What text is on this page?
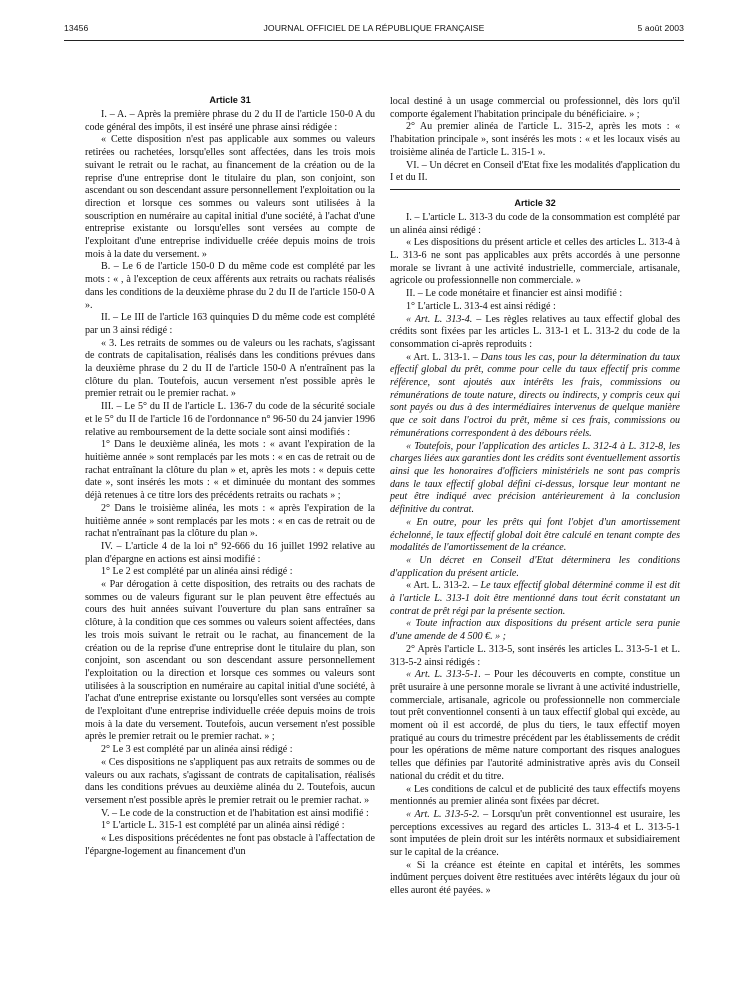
13456	JOURNAL OFFICIEL DE LA RÉPUBLIQUE FRANÇAISE	5 août 2003
Article 31

I. – A. – Après la première phrase du 2 du II de l'article 150-0 A du code général des impôts, il est inséré une phrase ainsi rédigée :

« Cette disposition n'est pas applicable aux sommes ou valeurs retirées ou rachetées, lorsqu'elles sont affectées, dans les trois mois suivant le retrait ou le rachat, au financement de la création ou de la reprise d'une entreprise dont le titulaire du plan, son conjoint, son ascendant ou son descendant assure personnellement l'exploitation ou la direction et lorsque ces sommes ou valeurs sont utilisées à la souscription en numéraire au capital initial d'une société, à l'achat d'une entreprise existante ou lorsqu'elles sont versées au compte de l'exploitant d'une entreprise individuelle créée depuis moins de trois mois à la date du versement. »

B. – Le 6 de l'article 150-0 D du même code est complété par les mots : « , à l'exception de ceux afférents aux retraits ou rachats réalisés dans les conditions de la deuxième phrase du 2 du II de l'article 150-0 A ».

II. – Le III de l'article 163 quinquies D du même code est complété par un 3 ainsi rédigé :

« 3. Les retraits de sommes ou de valeurs ou les rachats, s'agissant de contrats de capitalisation, réalisés dans les conditions prévues dans la deuxième phrase du 2 du II de l'article 150-0 A n'entraînent pas la clôture du plan. Toutefois, aucun versement n'est possible après le premier retrait ou le premier rachat. »

III. – Le 5° du II de l'article L. 136-7 du code de la sécurité sociale et le 5° du II de l'article 16 de l'ordonnance n° 96-50 du 24 janvier 1996 relative au remboursement de la dette sociale sont ainsi modifiés :

1° Dans le deuxième alinéa, les mots : « avant l'expiration de la huitième année » sont remplacés par les mots : « en cas de retrait ou de rachat entraînant la clôture du plan » et, après les mots : « depuis cette date », sont insérés les mots : « et diminuée du montant des sommes déjà retenues à ce titre lors des précédents retraits ou rachats » ;

2° Dans le troisième alinéa, les mots : « après l'expiration de la huitième année » sont remplacés par les mots : « en cas de retrait ou de rachat n'entraînant pas la clôture du plan ».

IV. – L'article 4 de la loi n° 92-666 du 16 juillet 1992 relative au plan d'épargne en actions est ainsi modifié :

1° Le 2 est complété par un alinéa ainsi rédigé :

« Par dérogation à cette disposition, des retraits ou des rachats de sommes ou de valeurs figurant sur le plan peuvent être effectués au cours des huit années suivant l'ouverture du plan sans entraîner sa clôture, à la condition que ces sommes ou valeurs soient affectées, dans les trois mois suivant le retrait ou le rachat, au financement de la création ou de la reprise d'une entreprise dont le titulaire du plan, son conjoint, son ascendant ou son descendant assure personnellement l'exploitation ou la direction et lorsque ces sommes ou valeurs sont utilisées à la souscription en numéraire au capital initial d'une société, à l'achat d'une entreprise existante ou lorsqu'elles sont versées au compte de l'exploitant d'une entreprise individuelle créée depuis moins de trois mois à la date du versement. Toutefois, aucun versement n'est possible après le premier retrait ou le premier rachat. » ;

2° Le 3 est complété par un alinéa ainsi rédigé :

« Ces dispositions ne s'appliquent pas aux retraits de sommes ou de valeurs ou aux rachats, s'agissant de contrats de capitalisation, réalisés dans les conditions prévues au deuxième alinéa du 2. Toutefois, aucun versement n'est possible après le premier retrait ou le premier rachat. »

V. – Le code de la construction et de l'habitation est ainsi modifié :

1° L'article L. 315-1 est complété par un alinéa ainsi rédigé :

« Les dispositions précédentes ne font pas obstacle à l'affectation de l'épargne-logement au financement d'un

local destiné à un usage commercial ou professionnel, dès lors qu'il comporte également l'habitation principale du bénéficiaire. » ;

2° Au premier alinéa de l'article L. 315-2, après les mots : « l'habitation principale », sont insérés les mots : « et les locaux visés au troisième alinéa de l'article L. 315-1 ».

VI. – Un décret en Conseil d'Etat fixe les modalités d'application du I et du II.

Article 32

I. – L'article L. 313-3 du code de la consommation est complété par un alinéa ainsi rédigé :

« Les dispositions du présent article et celles des articles L. 313-4 à L. 313-6 ne sont pas applicables aux prêts accordés à une personne morale se livrant à une activité industrielle, commerciale, artisanale, agricole ou professionnelle non commerciale. »

II. – Le code monétaire et financier est ainsi modifié :

1° L'article L. 313-4 est ainsi rédigé :

« Art. L. 313-4. – Les règles relatives au taux effectif global des crédits sont fixées par les articles L. 313-1 et L. 313-2 du code de la consommation ci-après reproduits :

« Art. L. 313-1. – Dans tous les cas, pour la détermination du taux effectif global du prêt, comme pour celle du taux effectif pris comme référence, sont ajoutés aux intérêts les frais, commissions ou rémunérations de toute nature, directs ou indirects, y compris ceux qui sont payés ou dus à des intermédiaires intervenus de quelque manière que ce soit dans l'octroi du prêt, même si ces frais, commissions ou rémunérations correspondent à des débours réels.

« Toutefois, pour l'application des articles L. 312-4 à L. 312-8, les charges liées aux garanties dont les crédits sont éventuellement assortis ainsi que les honoraires d'officiers ministériels ne sont pas compris dans le taux effectif global défini ci-dessus, lorsque leur montant ne peut être indiqué avec précision antérieurement à la conclusion définitive du contrat.

« En outre, pour les prêts qui font l'objet d'un amortissement échelonné, le taux effectif global doit être calculé en tenant compte des modalités de l'amortissement de la créance.

« Un décret en Conseil d'Etat déterminera les conditions d'application du présent article.

« Art. L. 313-2. – Le taux effectif global déterminé comme il est dit à l'article L. 313-1 doit être mentionné dans tout écrit constatant un contrat de prêt régi par la présente section.

« Toute infraction aux dispositions du présent article sera punie d'une amende de 4 500 €. » ;

2° Après l'article L. 313-5, sont insérés les articles L. 313-5-1 et L. 313-5-2 ainsi rédigés :

« Art. L. 313-5-1. – Pour les découverts en compte, constitue un prêt usuraire à une personne morale se livrant à une activité industrielle, commerciale, artisanale, agricole ou professionnelle non commerciale tout prêt conventionnel consenti à un taux effectif global qui excède, au moment où il est accordé, de plus du tiers, le taux effectif moyen pratiqué au cours du trimestre précédent par les établissements de crédit pour les opérations de même nature comportant des risques analogues telles que définies par l'autorité administrative après avis du Conseil national du crédit et du titre.

« Les conditions de calcul et de publicité des taux effectifs moyens mentionnés au premier alinéa sont fixées par décret.

« Art. L. 313-5-2. – Lorsqu'un prêt conventionnel est usuraire, les perceptions excessives au regard des articles L. 313-4 et L. 313-5-1 sont imputées de plein droit sur les intérêts normaux et subsidiairement sur le capital de la créance.

« Si la créance est éteinte en capital et intérêts, les sommes indûment perçues doivent être restituées avec intérêts légaux du jour où elles auront été payées. »
